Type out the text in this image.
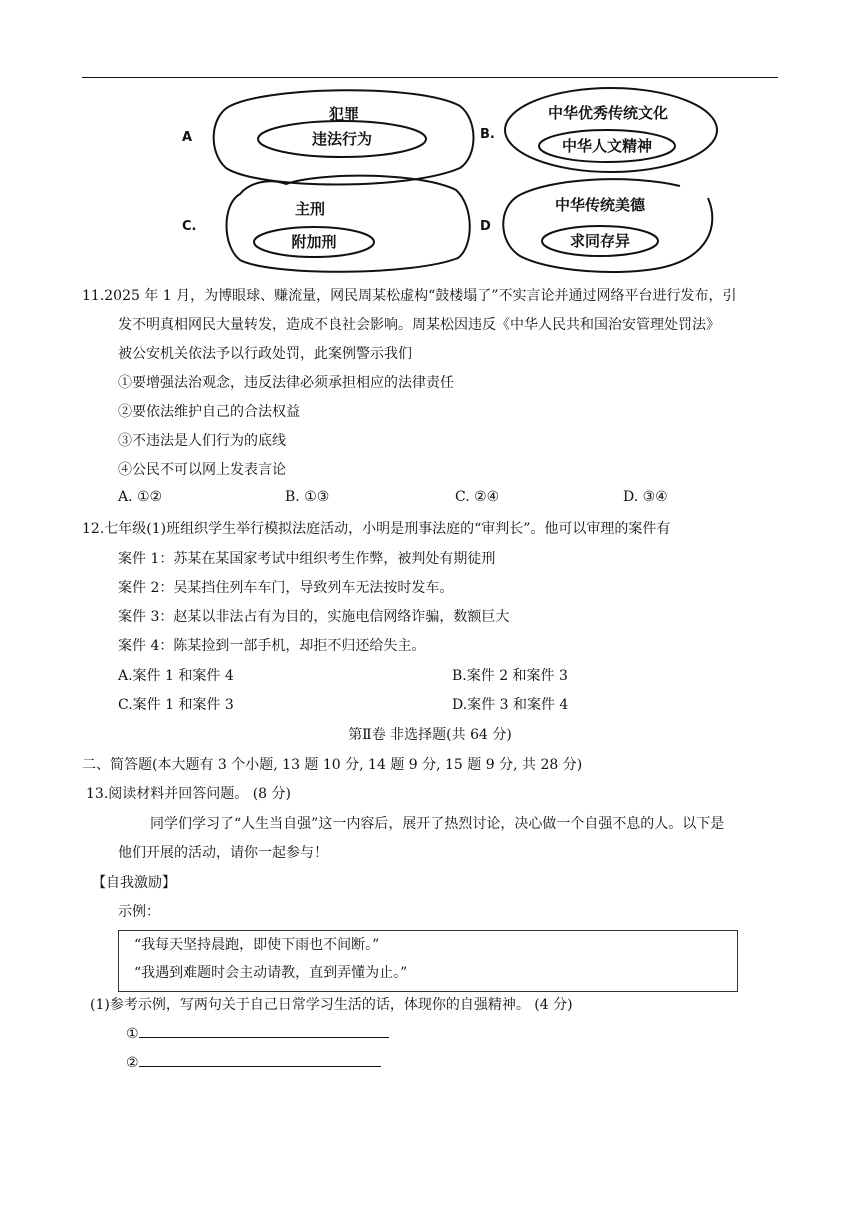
A
犯罪
违法行为	B.
中华优秀传统文化
中华人文精神
C.
主刑
附加刑
D
中华传统美德
求同存异
11.2025 年 1 月，为博眼球、赚流量，网民周某松虚构“鼓楼塌了”不实言论并通过网络平台进行发布，引
发不明真相网民大量转发，造成不良社会影响。周某松因违反《中华人民共和国治安管理处罚法》
被公安机关依法予以行政处罚，此案例警示我们
①要增强法治观念，违反法律必须承担相应的法律责任
②要依法维护自己的合法权益
③不违法是人们行为的底线
④公民不可以网上发表言论
A. ①②	B. ①③	C. ②④	D. ③④
12.七年级(1)班组织学生举行模拟法庭活动，小明是刑事法庭的“审判长”。他可以审理的案件有
案件 1：苏某在某国家考试中组织考生作弊，被判处有期徒刑
案件 2：吴某挡住列车车门，导致列车无法按时发车。
案件 3：赵某以非法占有为目的，实施电信网络诈骗，数额巨大
案件 4：陈某捡到一部手机，却拒不归还给失主。
A.案件 1 和案件 4	B.案件 2 和案件 3
C.案件 1 和案件 3	D.案件 3 和案件 4
第Ⅱ卷 非选择题(共 64 分)
二、简答题(本大题有 3 个小题, 13 题 10 分, 14 题 9 分, 15 题 9 分, 共 28 分)
13.阅读材料并回答问题。 (8 分)
同学们学习了“人生当自强”这一内容后，展开了热烈讨论，决心做一个自强不息的人。以下是
他们开展的活动，请你一起参与！
【自我激励】
示例：
“我每天坚持晨跑，即使下雨也不间断。”
“我遇到难题时会主动请教，直到弄懂为止。”
(1)参考示例，写两句关于自己日常学习生活的话，体现你的自强精神。 (4 分)
①
②
